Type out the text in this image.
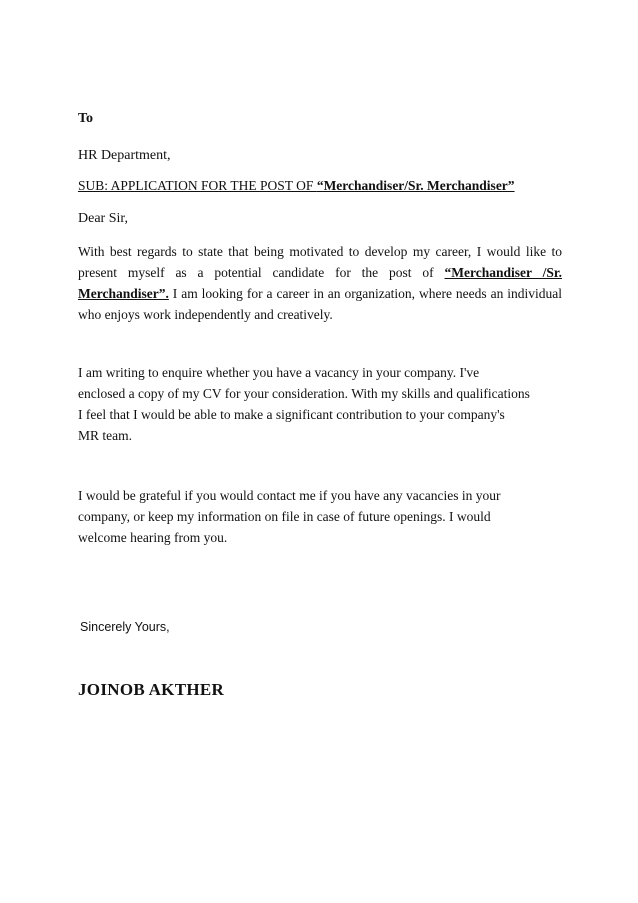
To

HR Department,

SUB: APPLICATION FOR THE POST OF “Merchandiser/Sr. Merchandiser”

Dear Sir,

With best regards to state that being motivated to develop my career, I would like to present myself as a potential candidate for the post of “Merchandiser /Sr. Merchandiser”. I am looking for a career in an organization, where needs an individual who enjoys work independently and creatively.

I am writing to enquire whether you have a vacancy in your company. I've
enclosed a copy of my CV for your consideration. With my skills and qualifications
I feel that I would be able to make a significant contribution to your company's
MR team.

I would be grateful if you would contact me if you have any vacancies in your
company, or keep my information on file in case of future openings. I would
welcome hearing from you.

Sincerely Yours,

JOINOB AKTHER
